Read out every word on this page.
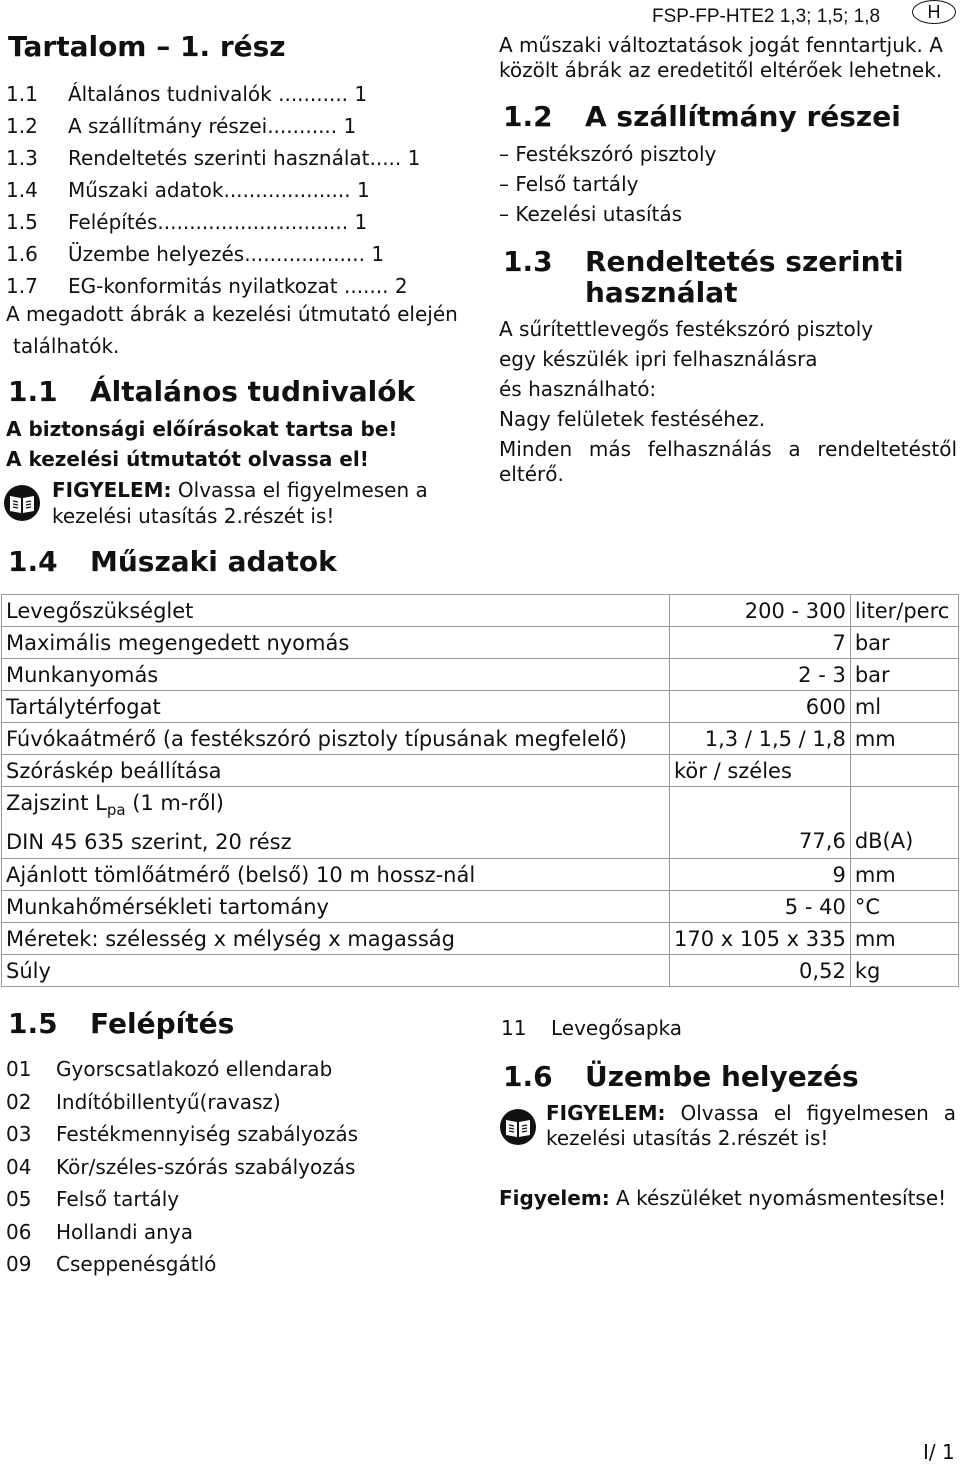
FSP-FP-HTE2 1,3; 1,5; 1,8	H
Tartalom – 1. rész
1.1 Általános tudnivalók ........... 1
1.2 A szállítmány részei........... 1
1.3 Rendeltetés szerinti használat..... 1
1.4 Műszaki adatok.................... 1
1.5 Felépítés.............................. 1
1.6 Üzembe helyezés................... 1
1.7 EG-konformitás nyilatkozat ....... 2
A megadott ábrák a kezelési útmutató elején
találhatók.
1.1 Általános tudnivalók
A biztonsági előírásokat tartsa be!
A kezelési útmutatót olvassa el!
FIGYELEM: Olvassa el figyelmesen a
kezelési utasítás 2.részét is!
A műszaki változtatások jogát fenntartjuk. A
közölt ábrák az eredetitől eltérőek lehetnek.
1.2 A szállítmány részei
– Festékszóró pisztoly
– Felső tartály
– Kezelési utasítás
1.3 Rendeltetés szerinti
használat
A sűrítettlevegős festékszóró pisztoly
egy készülék ipri felhasználásra
és használható:
Nagy felületek festéséhez.
Minden más felhasználás a rendeltetéstől
eltérő.
1.4 Műszaki adatok
Levegőszükséglet	200 - 300	liter/perc
Maximális megengedett nyomás	7	bar
Munkanyomás	2 - 3	bar
Tartálytérfogat	600	ml
Fúvókaátmérő (a festékszóró pisztoly típusának megfelelő)	1,3 / 1,5 / 1,8	mm
Szóráskép beállítása	kör / széles	

Zajszint $L_{pa}$ (1 m-ről)
DIN 45 635 szerint, 20 rész	77,6	dB(A)
Ajánlott tömlőátmérő (belső) 10 m hossz-nál	9	mm
Munkahőmérsékleti tartomány	5 - 40	°C
Méretek: szélesség x mélység x magasság	170 x 105 x 335	mm
Súly	0,52	kg
1.5 Felépítés
01 Gyorscsatlakozó ellendarab
02 Indítóbillentyű(ravasz)
03 Festékmennyiség szabályozás
04 Kör/széles-szórás szabályozás
05 Felső tartály
06 Hollandi anya
09 Cseppenésgátló
11 Levegősapka
1.6 Üzembe helyezés
FIGYELEM: Olvassa el figyelmesen a
kezelési utasítás 2.részét is!
Figyelem: A készüléket nyomásmentesítse!
I/ 1
